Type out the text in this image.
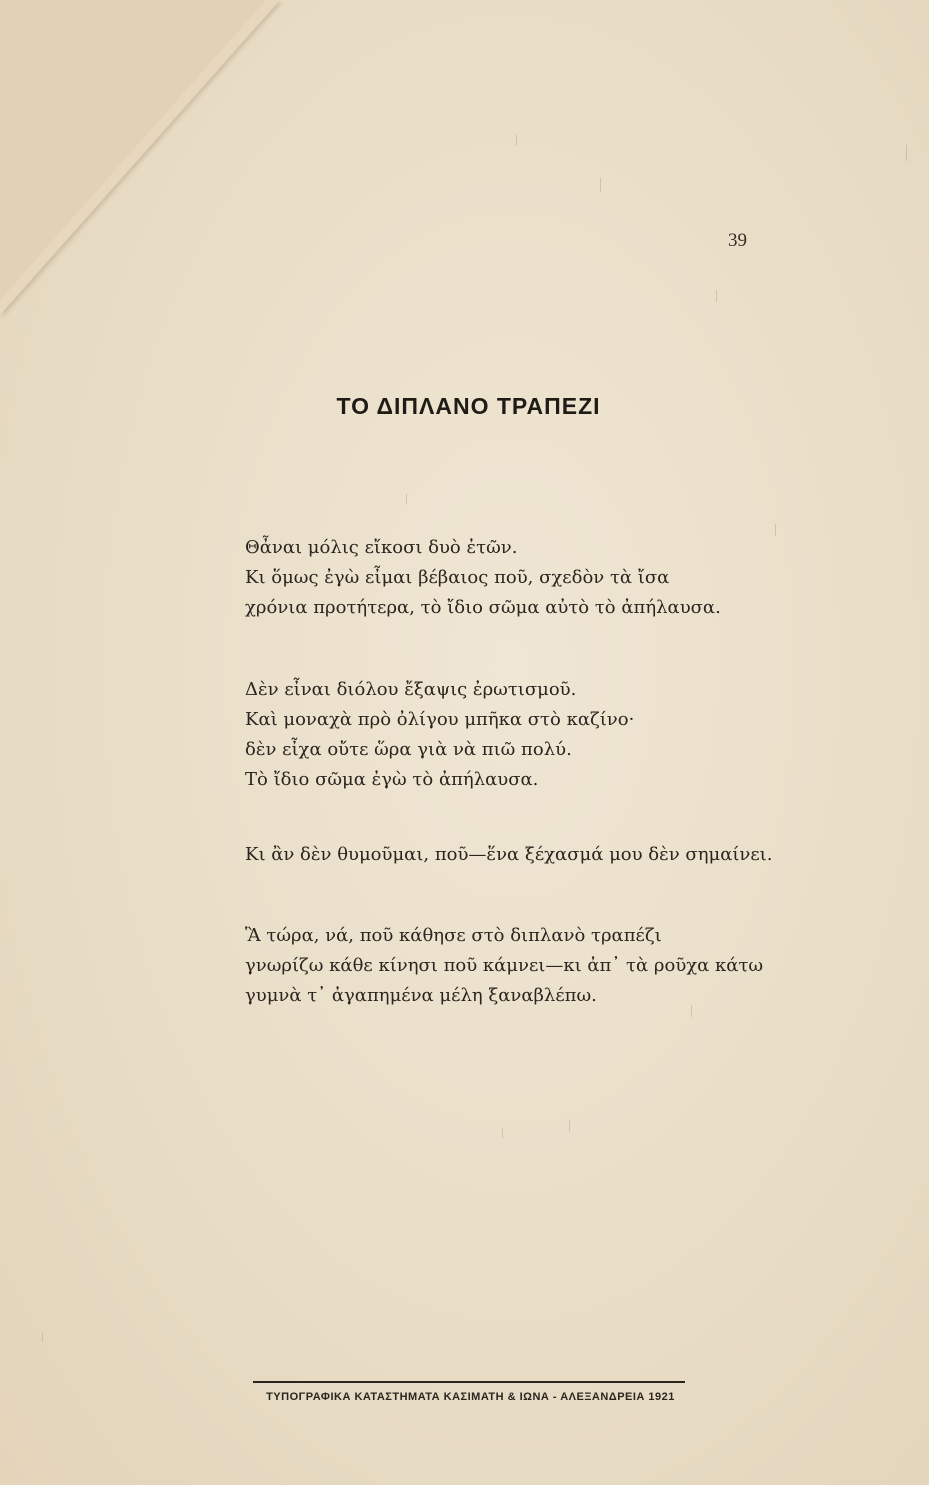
39
ΤΟ ΔΙΠΛΑΝΟ ΤΡΑΠΕΖΙ
Θἆναι μόλις εἴκοσι δυὸ ἐτῶν.
Κι ὅμως ἐγὼ εἶμαι βέβαιος ποῦ, σχεδὸν τὰ ἴσα
χρόνια προτήτερα, τὸ ἴδιο σῶμα αὐτὸ τὸ ἀπήλαυσα.
Δὲν εἶναι διόλου ἔξαψις ἐρωτισμοῦ.
Καὶ μοναχὰ πρὸ ὀλίγου μπῆκα στὸ καζίνο·
δὲν εἶχα οὔτε ὥρα γιὰ νὰ πιῶ πολύ.
Τὸ ἴδιο σῶμα ἐγὼ τὸ ἀπήλαυσα.
Κι ἂν δὲν θυμοῦμαι, ποῦ—ἕνα ξέχασμά μου δὲν σημαίνει.
Ἃ τώρα, νά, ποῦ κάθησε στὸ διπλανὸ τραπέζι
γνωρίζω κάθε κίνησι ποῦ κάμνει—κι ἀπ᾿ τὰ ροῦχα κάτω
γυμνὰ τ᾿ ἀγαπημένα μέλη ξαναβλέπω.
ΤΥΠΟΓΡΑΦΙΚΑ ΚΑΤΑΣΤΗΜΑΤΑ ΚΑΣΙΜΑΤΗ & ΙΩΝΑ - ΑΛΕΞΑΝΔΡΕΙΑ 1921
